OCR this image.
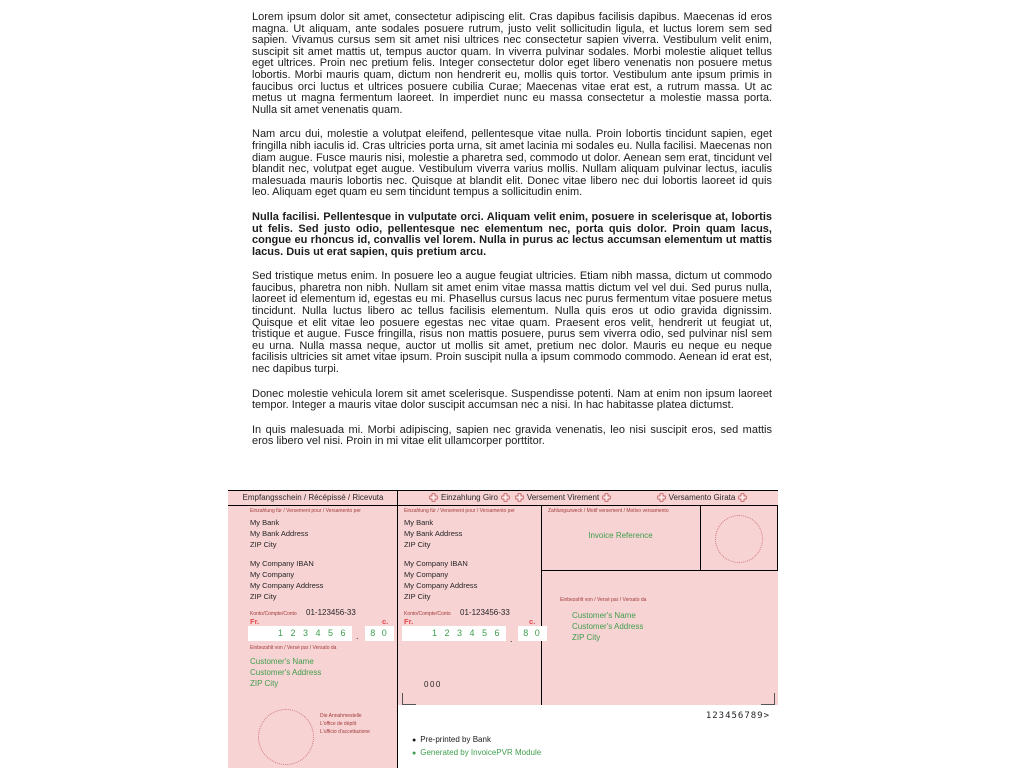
Lorem ipsum dolor sit amet, consectetur adipiscing elit. Cras dapibus facilisis dapibus. Maecenas id eros magna. Ut aliquam, ante sodales posuere rutrum, justo velit sollicitudin ligula, et luctus lorem sem sed sapien. Vivamus cursus sem sit amet nisi ultrices nec consectetur sapien viverra. Vestibulum velit enim, suscipit sit amet mattis ut, tempus auctor quam. In viverra pulvinar sodales. Morbi molestie aliquet tellus eget ultrices. Proin nec pretium felis. Integer consectetur dolor eget libero venenatis non posuere metus lobortis. Morbi mauris quam, dictum non hendrerit eu, mollis quis tortor. Vestibulum ante ipsum primis in faucibus orci luctus et ultrices posuere cubilia Curae; Maecenas vitae erat est, a rutrum massa. Ut ac metus ut magna fermentum laoreet. In imperdiet nunc eu massa consectetur a molestie massa porta. Nulla sit amet venenatis quam.

Nam arcu dui, molestie a volutpat eleifend, pellentesque vitae nulla. Proin lobortis tincidunt sapien, eget fringilla nibh iaculis id. Cras ultricies porta urna, sit amet lacinia mi sodales eu. Nulla facilisi. Maecenas non diam augue. Fusce mauris nisi, molestie a pharetra sed, commodo ut dolor. Aenean sem erat, tincidunt vel blandit nec, volutpat eget augue. Vestibulum viverra varius mollis. Nullam aliquam pulvinar lectus, iaculis malesuada mauris lobortis nec. Quisque at blandit elit. Donec vitae libero nec dui lobortis laoreet id quis leo. Aliquam eget quam eu sem tincidunt tempus a sollicitudin enim.

Nulla facilisi. Pellentesque in vulputate orci. Aliquam velit enim, posuere in scelerisque at, lobortis ut felis. Sed justo odio, pellentesque nec elementum nec, porta quis dolor. Proin quam lacus, congue eu rhoncus id, convallis vel lorem. Nulla in purus ac lectus accumsan elementum ut mattis lacus. Duis ut erat sapien, quis pretium arcu.

Sed tristique metus enim. In posuere leo a augue feugiat ultricies. Etiam nibh massa, dictum ut commodo faucibus, pharetra non nibh. Nullam sit amet enim vitae massa mattis dictum vel vel dui. Sed purus nulla, laoreet id elementum id, egestas eu mi. Phasellus cursus lacus nec purus fermentum vitae posuere metus tincidunt. Nulla luctus libero ac tellus facilisis elementum. Nulla quis eros ut odio gravida dignissim. Quisque et elit vitae leo posuere egestas nec vitae quam. Praesent eros velit, hendrerit ut feugiat ut, tristique et augue. Fusce fringilla, risus non mattis posuere, purus sem viverra odio, sed pulvinar nisl sem eu urna. Nulla massa neque, auctor ut mollis sit amet, pretium nec dolor. Mauris eu neque eu neque facilisis ultricies sit amet vitae ipsum. Proin suscipit nulla a ipsum commodo commodo. Aenean id erat est, nec dapibus turpi.

Donec molestie vehicula lorem sit amet scelerisque. Suspendisse potenti. Nam at enim non ipsum laoreet tempor. Integer a mauris vitae dolor suscipit accumsan nec a nisi. In hac habitasse platea dictumst.

In quis malesuada mi. Morbi adipiscing, sapien nec gravida venenatis, leo nisi suscipit eros, sed mattis eros libero vel nisi. Proin in mi vitae elit ullamcorper porttitor.

Empfangsschein / Récépissé / Ricevuta	Einzahlung Giro	Versement Virement	Versamento Girata
Einzahlung für / Versement pour / Versamento per
My Bank
My Bank Address
ZIP City
My Company IBAN
My Company
My Company Address
ZIP City
Konto/Compte/Conto 01-123456-33
Fr.	c.
1 2 3 4 5 6 .	8 0
Einbezahlt von / Versé par / Versato da
Customer's Name
Customer's Address
ZIP City
Die Annahmestelle
L'office de dépôt
L'ufficio d'accettazione
Einzahlung für / Versement pour / Versamento per
My Bank
My Bank Address
ZIP City
My Company IBAN
My Company
My Company Address
ZIP City
Konto/Compte/Conto 01-123456-33
Fr.	c.
1 2 3 4 5 6
.
8 0
000
Zahlungszweck / Motif versement / Motivo versamento
Invoice Reference
Einbezahlt von / Versé par / Versato da
Customer's Name
Customer's Address
ZIP City
123456789>
● Pre-printed by Bank
● Generated by InvoicePVR Module
